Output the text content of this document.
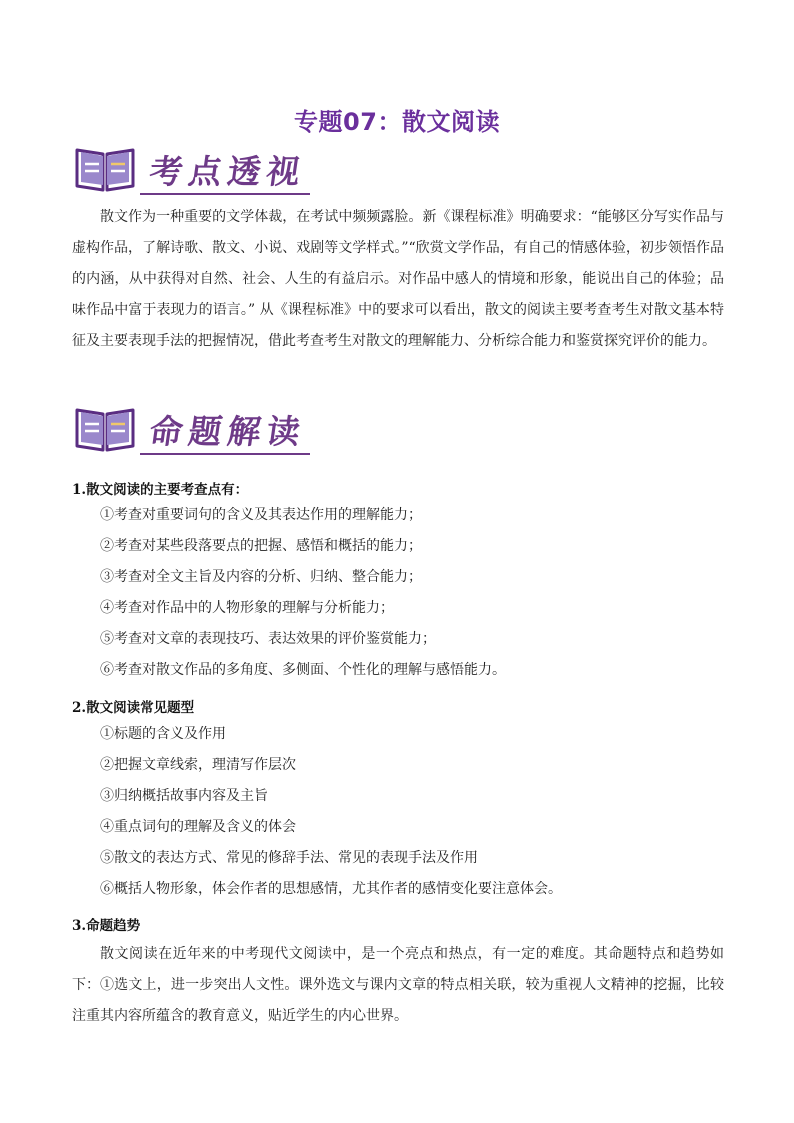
专题07：散文阅读
考点透视
散文作为一种重要的文学体裁，在考试中频频露脸。新《课程标准》明确要求：“能够区分写实作品与虚构作品，了解诗歌、散文、小说、戏剧等文学样式。”“欣赏文学作品，有自己的情感体验，初步领悟作品的内涵，从中获得对自然、社会、人生的有益启示。对作品中感人的情境和形象，能说出自己的体验；品味作品中富于表现力的语言。” 从《课程标准》中的要求可以看出，散文的阅读主要考查考生对散文基本特征及主要表现手法的把握情况，借此考查考生对散文的理解能力、分析综合能力和鉴赏探究评价的能力。
命题解读
1.散文阅读的主要考查点有：
①考查对重要词句的含义及其表达作用的理解能力；
②考查对某些段落要点的把握、感悟和概括的能力；
③考查对全文主旨及内容的分析、归纳、整合能力；
④考查对作品中的人物形象的理解与分析能力；
⑤考查对文章的表现技巧、表达效果的评价鉴赏能力；
⑥考查对散文作品的多角度、多侧面、个性化的理解与感悟能力。
2.散文阅读常见题型
①标题的含义及作用
②把握文章线索，理清写作层次
③归纳概括故事内容及主旨
④重点词句的理解及含义的体会
⑤散文的表达方式、常见的修辞手法、常见的表现手法及作用
⑥概括人物形象，体会作者的思想感情，尤其作者的感情变化要注意体会。
3.命题趋势
散文阅读在近年来的中考现代文阅读中，是一个亮点和热点，有一定的难度。其命题特点和趋势如下： ①选文上，进一步突出人文性。课外选文与课内文章的特点相关联，较为重视人文精神的挖掘，比较注重其内容所蕴含的教育意义，贴近学生的内心世界。
